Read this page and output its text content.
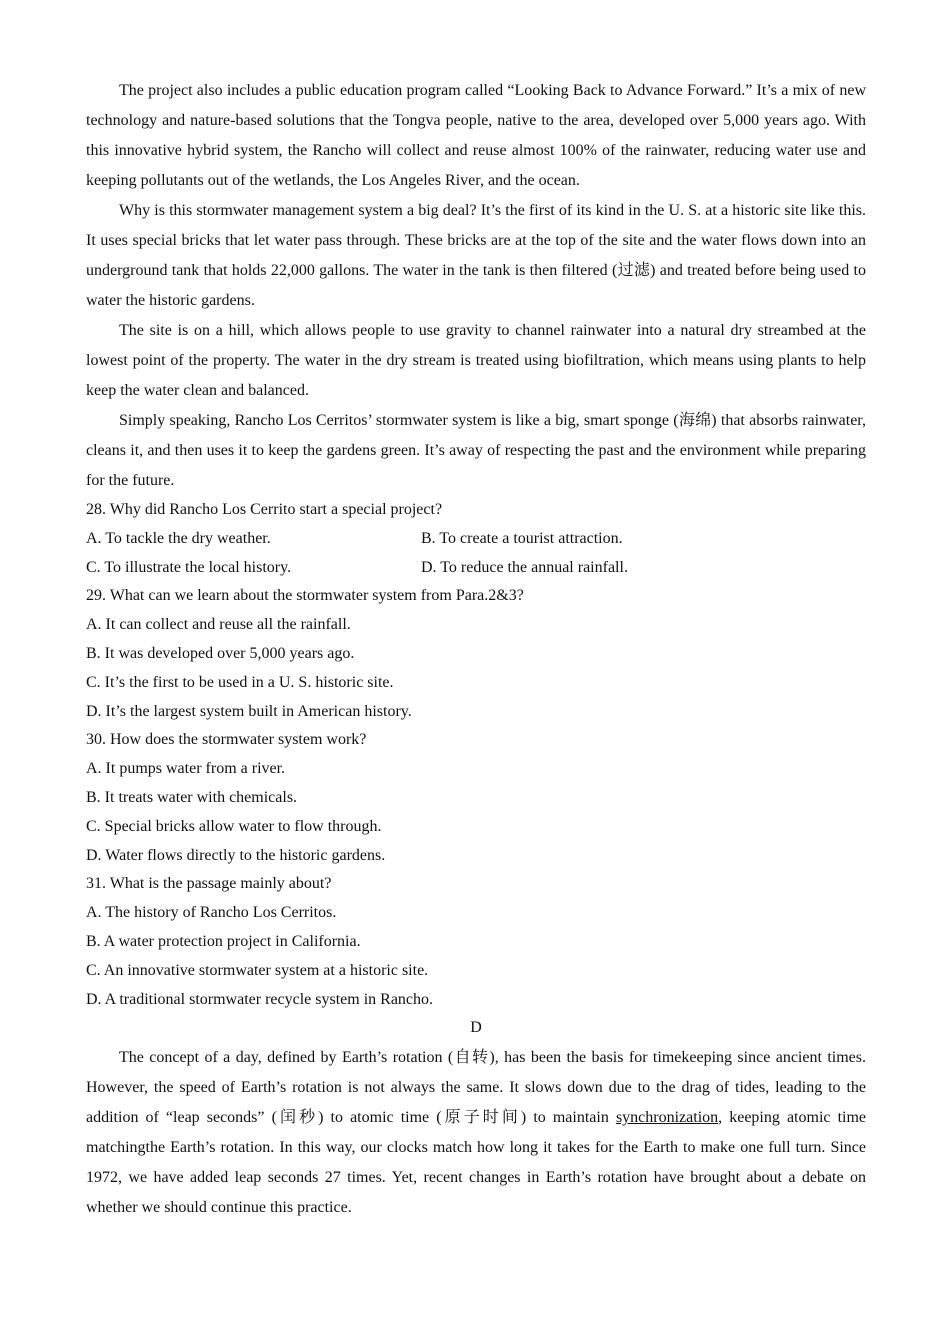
The project also includes a public education program called “Looking Back to Advance Forward.” It’s a mix of new technology and nature-based solutions that the Tongva people, native to the area, developed over 5,000 years ago. With this innovative hybrid system, the Rancho will collect and reuse almost 100% of the rainwater, reducing water use and keeping pollutants out of the wetlands, the Los Angeles River, and the ocean.

Why is this stormwater management system a big deal? It’s the first of its kind in the U. S. at a historic site like this. It uses special bricks that let water pass through. These bricks are at the top of the site and the water flows down into an underground tank that holds 22,000 gallons. The water in the tank is then filtered (过滤) and treated before being used to water the historic gardens.

The site is on a hill, which allows people to use gravity to channel rainwater into a natural dry streambed at the lowest point of the property. The water in the dry stream is treated using biofiltration, which means using plants to help keep the water clean and balanced.

Simply speaking, Rancho Los Cerritos’ stormwater system is like a big, smart sponge (海绵) that absorbs rainwater, cleans it, and then uses it to keep the gardens green. It’s away of respecting the past and the environment while preparing for the future.

28. Why did Rancho Los Cerrito start a special project?

A. To tackle the dry weather.	B. To create a tourist attraction.
C. To illustrate the local history.	D. To reduce the annual rainfall.

29. What can we learn about the stormwater system from Para.2&3?

A. It can collect and reuse all the rainfall.

B. It was developed over 5,000 years ago.

C. It’s the first to be used in a U. S. historic site.

D. It’s the largest system built in American history.

30. How does the stormwater system work?

A. It pumps water from a river.

B. It treats water with chemicals.

C. Special bricks allow water to flow through.

D. Water flows directly to the historic gardens.

31. What is the passage mainly about?

A. The history of Rancho Los Cerritos.

B. A water protection project in California.

C. An innovative stormwater system at a historic site.

D. A traditional stormwater recycle system in Rancho.

D

The concept of a day, defined by Earth’s rotation (自转), has been the basis for timekeeping since ancient times. However, the speed of Earth’s rotation is not always the same. It slows down due to the drag of tides, leading to the addition of “leap seconds” (闰秒) to atomic time (原子时间) to maintain synchronization, keeping atomic time matchingthe Earth’s rotation. In this way, our clocks match how long it takes for the Earth to make one full turn. Since 1972, we have added leap seconds 27 times. Yet, recent changes in Earth’s rotation have brought about a debate on whether we should continue this practice.
